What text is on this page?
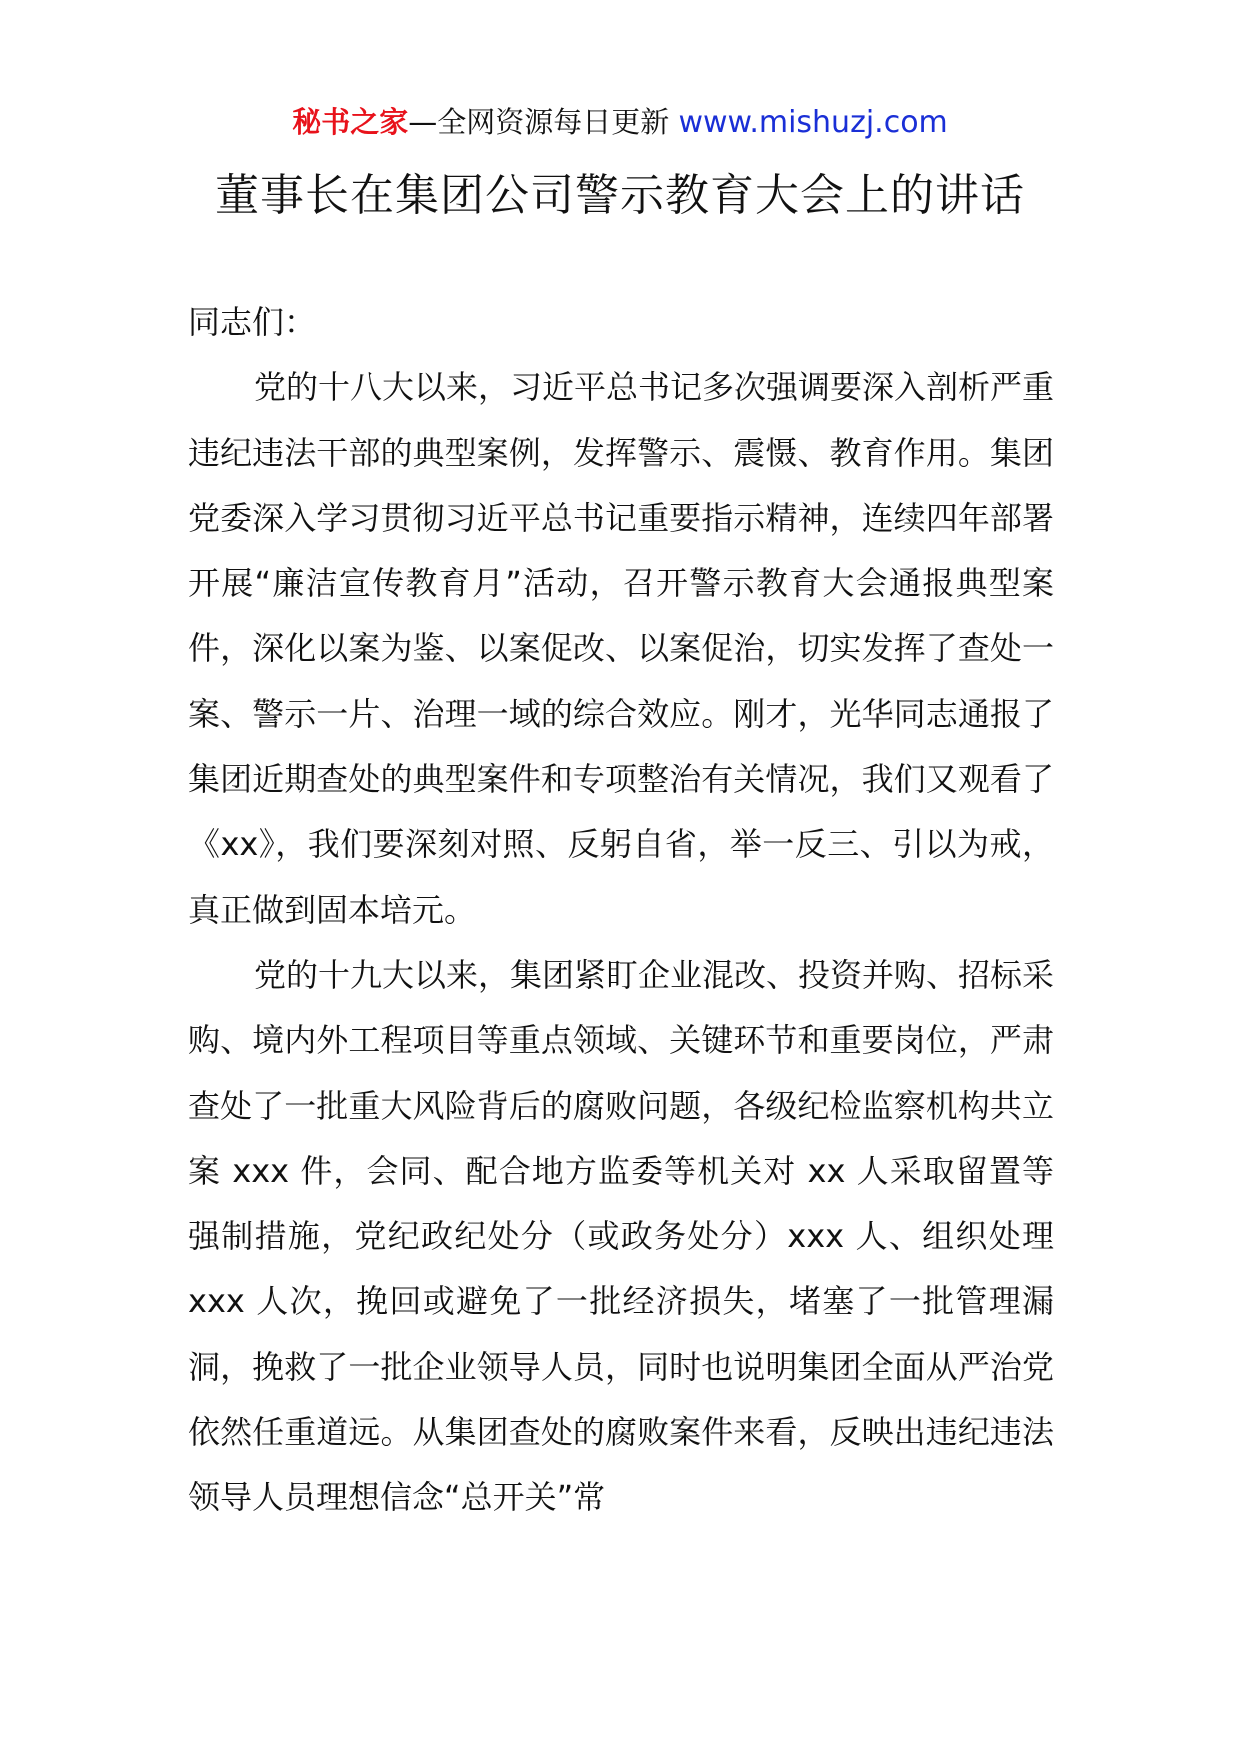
秘书之家—全网资源每日更新 www.mishuzj.com
董事长在集团公司警示教育大会上的讲话

同志们：

党的十八大以来，习近平总书记多次强调要深入剖析严重违纪违法干部的典型案例，发挥警示、震慑、教育作用。集团党委深入学习贯彻习近平总书记重要指示精神，连续四年部署开展“廉洁宣传教育月”活动，召开警示教育大会通报典型案件，深化以案为鉴、以案促改、以案促治，切实发挥了查处一案、警示一片、治理一域的综合效应。刚才，光华同志通报了集团近期查处的典型案件和专项整治有关情况，我们又观看了《xx》，我们要深刻对照、反躬自省，举一反三、引以为戒，真正做到固本培元。

党的十九大以来，集团紧盯企业混改、投资并购、招标采购、境内外工程项目等重点领域、关键环节和重要岗位，严肃查处了一批重大风险背后的腐败问题，各级纪检监察机构共立案 xxx 件，会同、配合地方监委等机关对 xx 人采取留置等强制措施，党纪政纪处分（或政务处分）xxx 人、组织处理 xxx 人次，挽回或避免了一批经济损失，堵塞了一批管理漏洞，挽救了一批企业领导人员，同时也说明集团全面从严治党依然任重道远。从集团查处的腐败案件来看，反映出违纪违法领导人员理想信念“总开关”常
